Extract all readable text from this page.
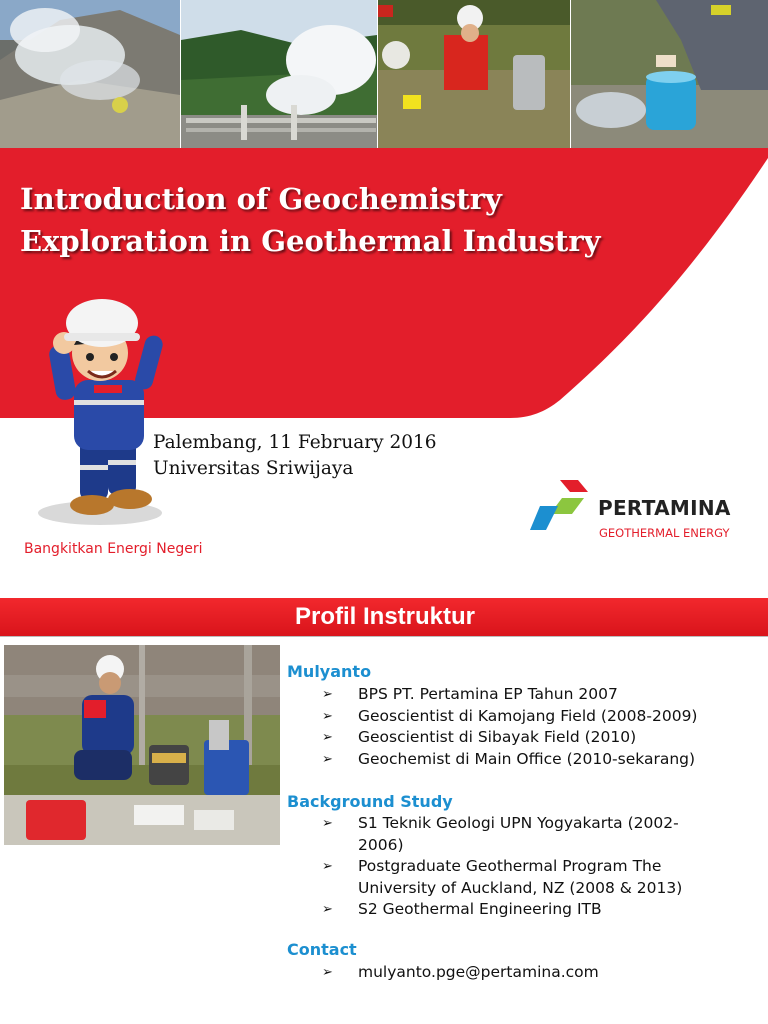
Introduction of Geochemistry
Exploration in Geothermal Industry
Palembang, 11 February 2016
Universitas Sriwijaya
Bangkitkan Energi Negeri
PERTAMINA
GEOTHERMAL ENERGY
Profil Instruktur
Mulyanto
➢ BPS PT. Pertamina EP Tahun 2007
➢ Geoscientist di Kamojang Field (2008-2009)
➢ Geoscientist di Sibayak Field (2010)
➢ Geochemist di Main Office (2010-sekarang)
Background Study
➢ S1 Teknik Geologi UPN Yogyakarta (2002-
2006)
➢ Postgraduate Geothermal Program The
University of Auckland, NZ (2008 & 2013)
➢ S2 Geothermal Engineering ITB
Contact
➢ mulyanto.pge@pertamina.com
